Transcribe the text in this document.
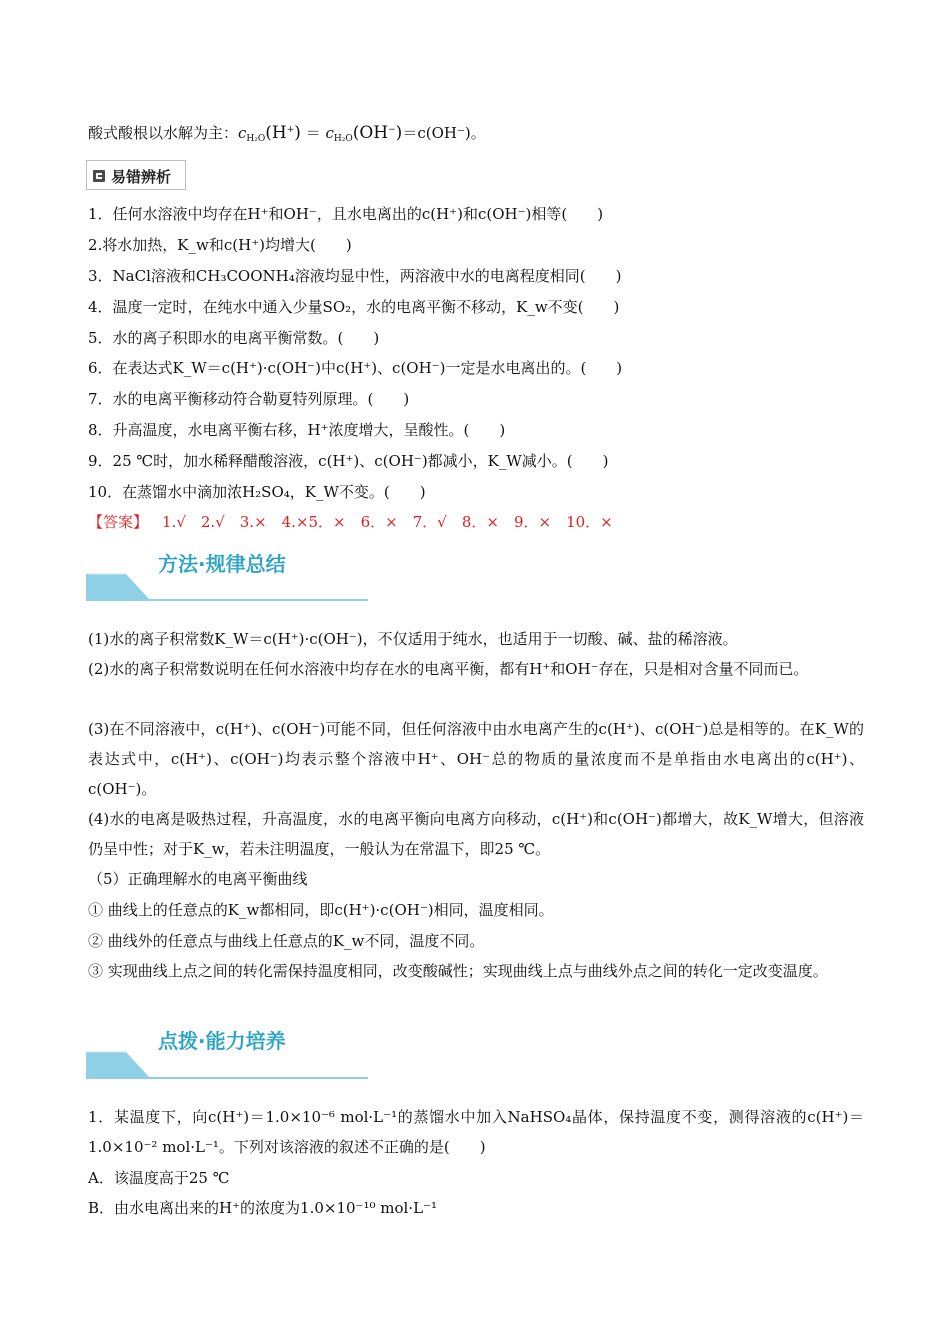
酸式酸根以水解为主：$c_{H_2O}(H^+) = c_{H_2O}(OH^-)=c(OH^-)$。
易错辨析
1．任何水溶液中均存在H⁺和OH⁻，且水电离出的c(H⁺)和c(OH⁻)相等(　　)
2.将水加热，K_w和c(H⁺)均增大(　　)
3．NaCl溶液和CH₃COONH₄溶液均显中性，两溶液中水的电离程度相同(　　)
4．温度一定时，在纯水中通入少量SO₂，水的电离平衡不移动，K_w不变(　　)
5．水的离子积即水的电离平衡常数。(　　)
6．在表达式K_W＝c(H⁺)·c(OH⁻)中c(H⁺)、c(OH⁻)一定是水电离出的。(　　)
7．水的电离平衡移动符合勒夏特列原理。(　　)
8．升高温度，水电离平衡右移，H⁺浓度增大，呈酸性。(　　)
9．25 ℃时，加水稀释醋酸溶液，c(H⁺)、c(OH⁻)都减小，K_W减小。(　　)
10．在蒸馏水中滴加浓H₂SO₄，K_W不变。(　　)
【答案】 1.√　2.√　3.×　4.×5．×　6．×　7．√　8．×　9．×　10．×
方法·规律总结
(1)水的离子积常数K_W＝c(H⁺)·c(OH⁻)，不仅适用于纯水，也适用于一切酸、碱、盐的稀溶液。
(2)水的离子积常数说明在任何水溶液中均存在水的电离平衡，都有H⁺和OH⁻存在，只是相对含量不同而已。
(3)在不同溶液中，c(H⁺)、c(OH⁻)可能不同，但任何溶液中由水电离产生的c(H⁺)、c(OH⁻)总是相等的。在K_W的表达式中，c(H⁺)、c(OH⁻)均表示整个溶液中H⁺、OH⁻总的物质的量浓度而不是单指由水电离出的c(H⁺)、c(OH⁻)。
(4)水的电离是吸热过程，升高温度，水的电离平衡向电离方向移动，c(H⁺)和c(OH⁻)都增大，故K_W增大，但溶液仍呈中性；对于K_w，若未注明温度，一般认为在常温下，即25 ℃。
（5）正确理解水的电离平衡曲线
① 曲线上的任意点的K_w都相同，即c(H⁺)·c(OH⁻)相同，温度相同。
② 曲线外的任意点与曲线上任意点的K_w不同，温度不同。
③ 实现曲线上点之间的转化需保持温度相同，改变酸碱性；实现曲线上点与曲线外点之间的转化一定改变温度。
点拨·能力培养
1．某温度下，向c(H⁺)＝1.0×10⁻⁶ mol·L⁻¹的蒸馏水中加入NaHSO₄晶体，保持温度不变，测得溶液的c(H⁺)＝1.0×10⁻² mol·L⁻¹。下列对该溶液的叙述不正确的是(　　)
A．该温度高于25 ℃
B．由水电离出来的H⁺的浓度为1.0×10⁻¹⁰ mol·L⁻¹
